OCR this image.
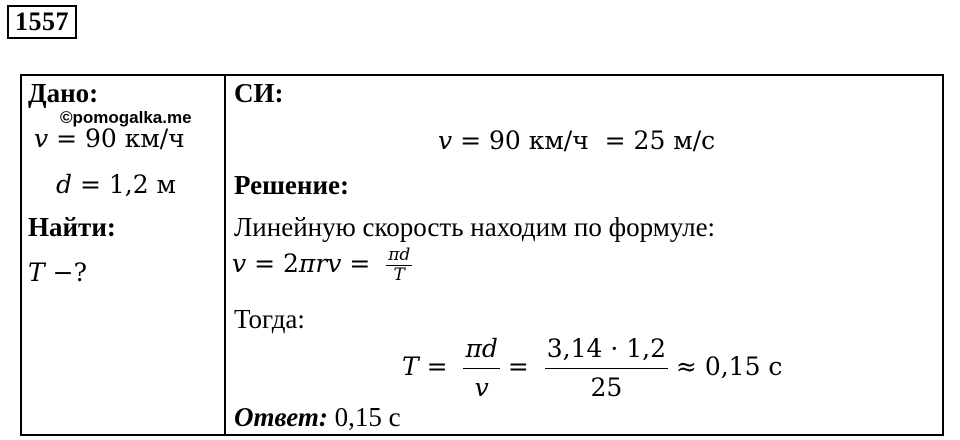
1557
Дано:
©pomogalka.me
v = 90 км/ч
d = 1,2 м
Найти:
T −?
СИ:
v = 90 км/ч  = 25 м/с
Решение:
Линейную скорость находим по формуле:
$v = 2\pi rv = \frac{\pi d}{T}$
Тогда:
$T = \frac{\pi d}{v} = \frac{3,14 \cdot 1,2}{25} \approx 0,15$ с
Ответ: 0,15 с
